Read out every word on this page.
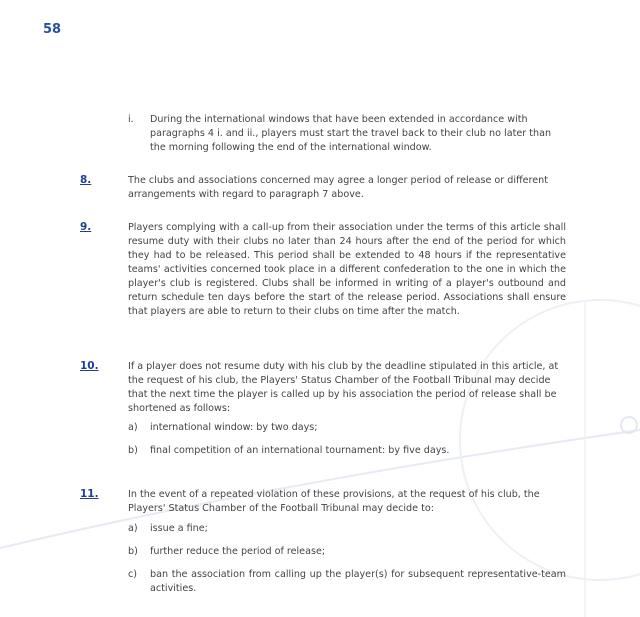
58
i. During the international windows that have been extended in accordance with paragraphs 4 i. and ii., players must start the travel back to their club no later than the morning following the end of the international window.
8.	The clubs and associations concerned may agree a longer period of release or different arrangements with regard to paragraph 7 above.
9.	Players complying with a call-up from their association under the terms of this article shall resume duty with their clubs no later than 24 hours after the end of the period for which they had to be released. This period shall be extended to 48 hours if the representative teams' activities concerned took place in a different confederation to the one in which the player's club is registered. Clubs shall be informed in writing of a player's outbound and return schedule ten days before the start of the release period. Associations shall ensure that players are able to return to their clubs on time after the match.
10.	If a player does not resume duty with his club by the deadline stipulated in this article, at the request of his club, the Players' Status Chamber of the Football Tribunal may decide that the next time the player is called up by his association the period of release shall be shortened as follows:
a) international window: by two days;
b) final competition of an international tournament: by five days.
11.	In the event of a repeated violation of these provisions, at the request of his club, the Players' Status Chamber of the Football Tribunal may decide to:
a) issue a fine;
b) further reduce the period of release;
c) ban the association from calling up the player(s) for subsequent representative-team activities.
